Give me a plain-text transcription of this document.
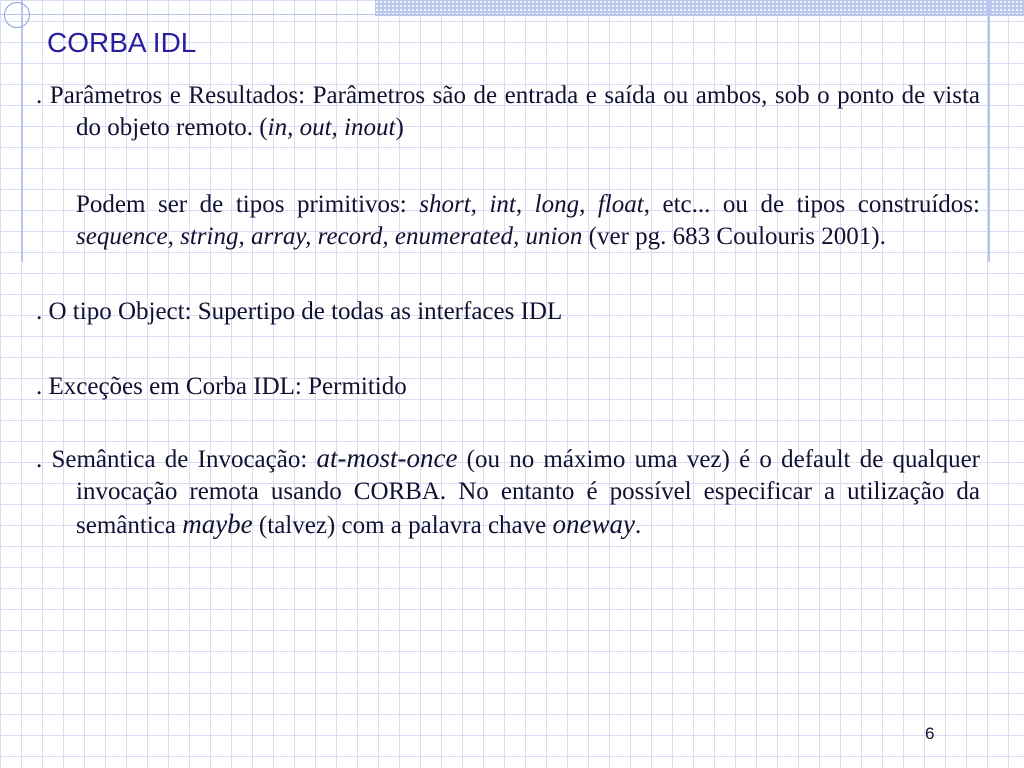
CORBA IDL

. Parâmetros e Resultados: Parâmetros são de entrada e saída ou ambos, sob o ponto de vista do objeto remoto. (in, out, inout)

Podem ser de tipos primitivos: short, int, long, float, etc... ou de tipos construídos: sequence, string, array, record, enumerated, union (ver pg. 683 Coulouris 2001).

. O tipo Object: Supertipo de todas as interfaces IDL

. Exceções em Corba IDL: Permitido

. Semântica de Invocação: at-most-once (ou no máximo uma vez) é o default de qualquer invocação remota usando CORBA. No entanto é possível especificar a utilização da semântica maybe (talvez) com a palavra chave oneway.

6
